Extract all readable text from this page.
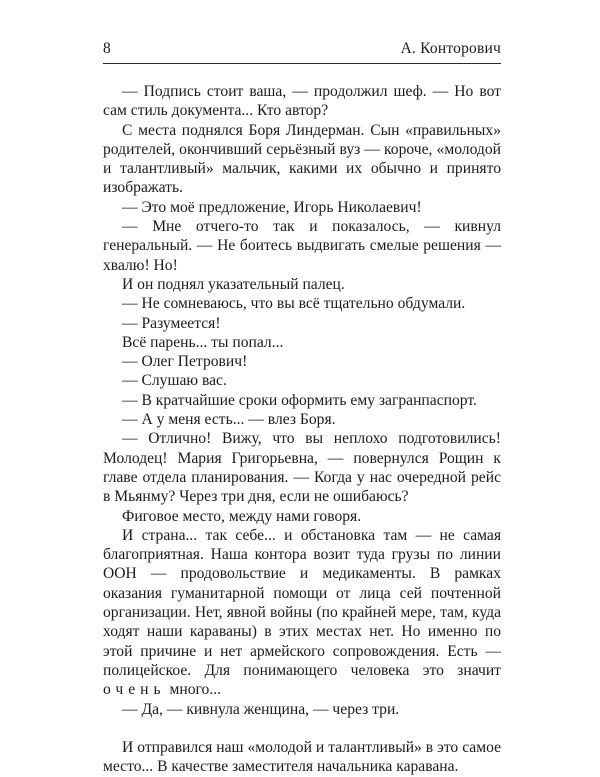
8	А. Конторович

— Подпись стоит ваша, — продолжил шеф. — Но вот сам стиль документа... Кто автор?

С места поднялся Боря Линдерман. Сын «правильных» родителей, окончивший серьёзный вуз — короче, «молодой и талантливый» мальчик, какими их обычно и принято изображать.

— Это моё предложение, Игорь Николаевич!

— Мне отчего-то так и показалось, — кивнул генеральный. — Не боитесь выдвигать смелые решения — хвалю! Но!

И он поднял указательный палец.

— Не сомневаюсь, что вы всё тщательно обдумали.

— Разумеется!

Всё парень... ты попал...

— Олег Петрович!

— Слушаю вас.

— В кратчайшие сроки оформить ему загранпаспорт.

— А у меня есть... — влез Боря.

— Отлично! Вижу, что вы неплохо подготовились! Молодец! Мария Григорьевна, — повернулся Рощин к главе отдела планирования. — Когда у нас очередной рейс в Мьянму? Через три дня, если не ошибаюсь?

Фиговое место, между нами говоря.

И страна... так себе... и обстановка там — не самая благоприятная. Наша контора возит туда грузы по линии ООН — продовольствие и медикаменты. В рамках оказания гуманитарной помощи от лица сей почтенной организации. Нет, явной войны (по крайней мере, там, куда ходят наши караваны) в этих местах нет. Но именно по этой причине и нет армейского сопровождения. Есть — полицейское. Для понимающего человека это значит очень много...

— Да, — кивнула женщина, — через три.

И отправился наш «молодой и талантливый» в это самое место... В качестве заместителя начальника каравана.
